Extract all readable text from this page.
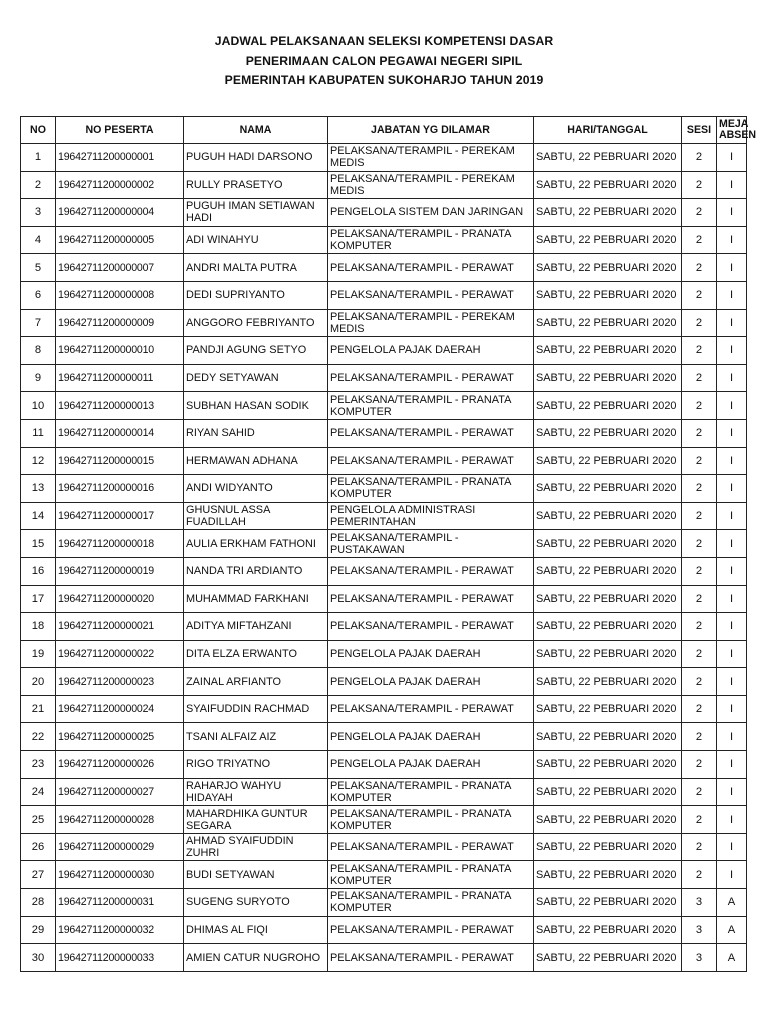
JADWAL PELAKSANAAN SELEKSI KOMPETENSI DASAR
PENERIMAAN CALON PEGAWAI NEGERI SIPIL
PEMERINTAH KABUPATEN SUKOHARJO TAHUN 2019
NO	NO PESERTA	NAMA	JABATAN YG DILAMAR	HARI/TANGGAL	SESI	MEJA ABSEN
1	19642711200000001	PUGUH HADI DARSONO	PELAKSANA/TERAMPIL - PEREKAM MEDIS	SABTU, 22 PEBRUARI 2020	2	I
2	19642711200000002	RULLY PRASETYO	PELAKSANA/TERAMPIL - PEREKAM MEDIS	SABTU, 22 PEBRUARI 2020	2	I
3	19642711200000004	PUGUH IMAN SETIAWAN HADI	PENGELOLA SISTEM DAN JARINGAN	SABTU, 22 PEBRUARI 2020	2	I
4	19642711200000005	ADI WINAHYU	PELAKSANA/TERAMPIL - PRANATA KOMPUTER	SABTU, 22 PEBRUARI 2020	2	I
5	19642711200000007	ANDRI MALTA PUTRA	PELAKSANA/TERAMPIL - PERAWAT	SABTU, 22 PEBRUARI 2020	2	I
6	19642711200000008	DEDI SUPRIYANTO	PELAKSANA/TERAMPIL - PERAWAT	SABTU, 22 PEBRUARI 2020	2	I
7	19642711200000009	ANGGORO FEBRIYANTO	PELAKSANA/TERAMPIL - PEREKAM MEDIS	SABTU, 22 PEBRUARI 2020	2	I
8	19642711200000010	PANDJI AGUNG SETYO	PENGELOLA PAJAK DAERAH	SABTU, 22 PEBRUARI 2020	2	I
9	19642711200000011	DEDY SETYAWAN	PELAKSANA/TERAMPIL - PERAWAT	SABTU, 22 PEBRUARI 2020	2	I
10	19642711200000013	SUBHAN HASAN SODIK	PELAKSANA/TERAMPIL - PRANATA KOMPUTER	SABTU, 22 PEBRUARI 2020	2	I
11	19642711200000014	RIYAN SAHID	PELAKSANA/TERAMPIL - PERAWAT	SABTU, 22 PEBRUARI 2020	2	I
12	19642711200000015	HERMAWAN ADHANA	PELAKSANA/TERAMPIL - PERAWAT	SABTU, 22 PEBRUARI 2020	2	I
13	19642711200000016	ANDI WIDYANTO	PELAKSANA/TERAMPIL - PRANATA KOMPUTER	SABTU, 22 PEBRUARI 2020	2	I
14	19642711200000017	GHUSNUL ASSA FUADILLAH	PENGELOLA ADMINISTRASI PEMERINTAHAN	SABTU, 22 PEBRUARI 2020	2	I
15	19642711200000018	AULIA ERKHAM FATHONI	PELAKSANA/TERAMPIL - PUSTAKAWAN	SABTU, 22 PEBRUARI 2020	2	I
16	19642711200000019	NANDA TRI ARDIANTO	PELAKSANA/TERAMPIL - PERAWAT	SABTU, 22 PEBRUARI 2020	2	I
17	19642711200000020	MUHAMMAD FARKHANI	PELAKSANA/TERAMPIL - PERAWAT	SABTU, 22 PEBRUARI 2020	2	I
18	19642711200000021	ADITYA MIFTAHZANI	PELAKSANA/TERAMPIL - PERAWAT	SABTU, 22 PEBRUARI 2020	2	I
19	19642711200000022	DITA ELZA ERWANTO	PENGELOLA PAJAK DAERAH	SABTU, 22 PEBRUARI 2020	2	I
20	19642711200000023	ZAINAL ARFIANTO	PENGELOLA PAJAK DAERAH	SABTU, 22 PEBRUARI 2020	2	I
21	19642711200000024	SYAIFUDDIN RACHMAD	PELAKSANA/TERAMPIL - PERAWAT	SABTU, 22 PEBRUARI 2020	2	I
22	19642711200000025	TSANI ALFAIZ AIZ	PENGELOLA PAJAK DAERAH	SABTU, 22 PEBRUARI 2020	2	I
23	19642711200000026	RIGO TRIYATNO	PENGELOLA PAJAK DAERAH	SABTU, 22 PEBRUARI 2020	2	I
24	19642711200000027	RAHARJO WAHYU HIDAYAH	PELAKSANA/TERAMPIL - PRANATA KOMPUTER	SABTU, 22 PEBRUARI 2020	2	I
25	19642711200000028	MAHARDHIKA GUNTUR SEGARA	PELAKSANA/TERAMPIL - PRANATA KOMPUTER	SABTU, 22 PEBRUARI 2020	2	I
26	19642711200000029	AHMAD SYAIFUDDIN ZUHRI	PELAKSANA/TERAMPIL - PERAWAT	SABTU, 22 PEBRUARI 2020	2	I
27	19642711200000030	BUDI SETYAWAN	PELAKSANA/TERAMPIL - PRANATA KOMPUTER	SABTU, 22 PEBRUARI 2020	2	I
28	19642711200000031	SUGENG SURYOTO	PELAKSANA/TERAMPIL - PRANATA KOMPUTER	SABTU, 22 PEBRUARI 2020	3	A
29	19642711200000032	DHIMAS AL FIQI	PELAKSANA/TERAMPIL - PERAWAT	SABTU, 22 PEBRUARI 2020	3	A
30	19642711200000033	AMIEN CATUR NUGROHO	PELAKSANA/TERAMPIL - PERAWAT	SABTU, 22 PEBRUARI 2020	3	A
